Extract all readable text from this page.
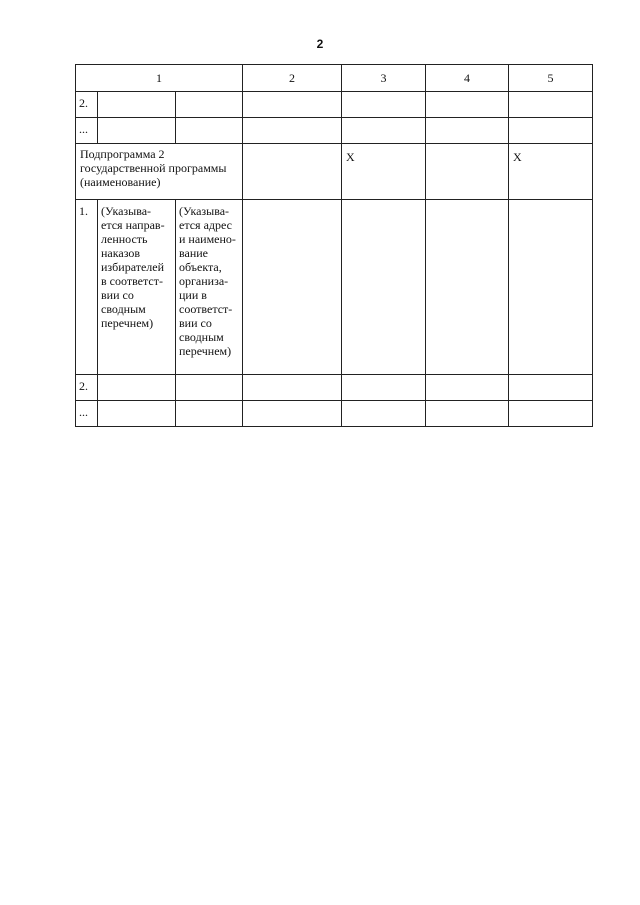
2
1			2	3	4	5
2.						
...						
Подпрограмма 2 государственной программы (наименование)				X		X
1.	(Указыва-ется направ-ленность наказов избирателей в соответст-вии со сводным перечнем)	(Указыва-ется адрес и наимено-вание объекта, организа-ции в соответст-вии со сводным перечнем)				
2.						
...						
